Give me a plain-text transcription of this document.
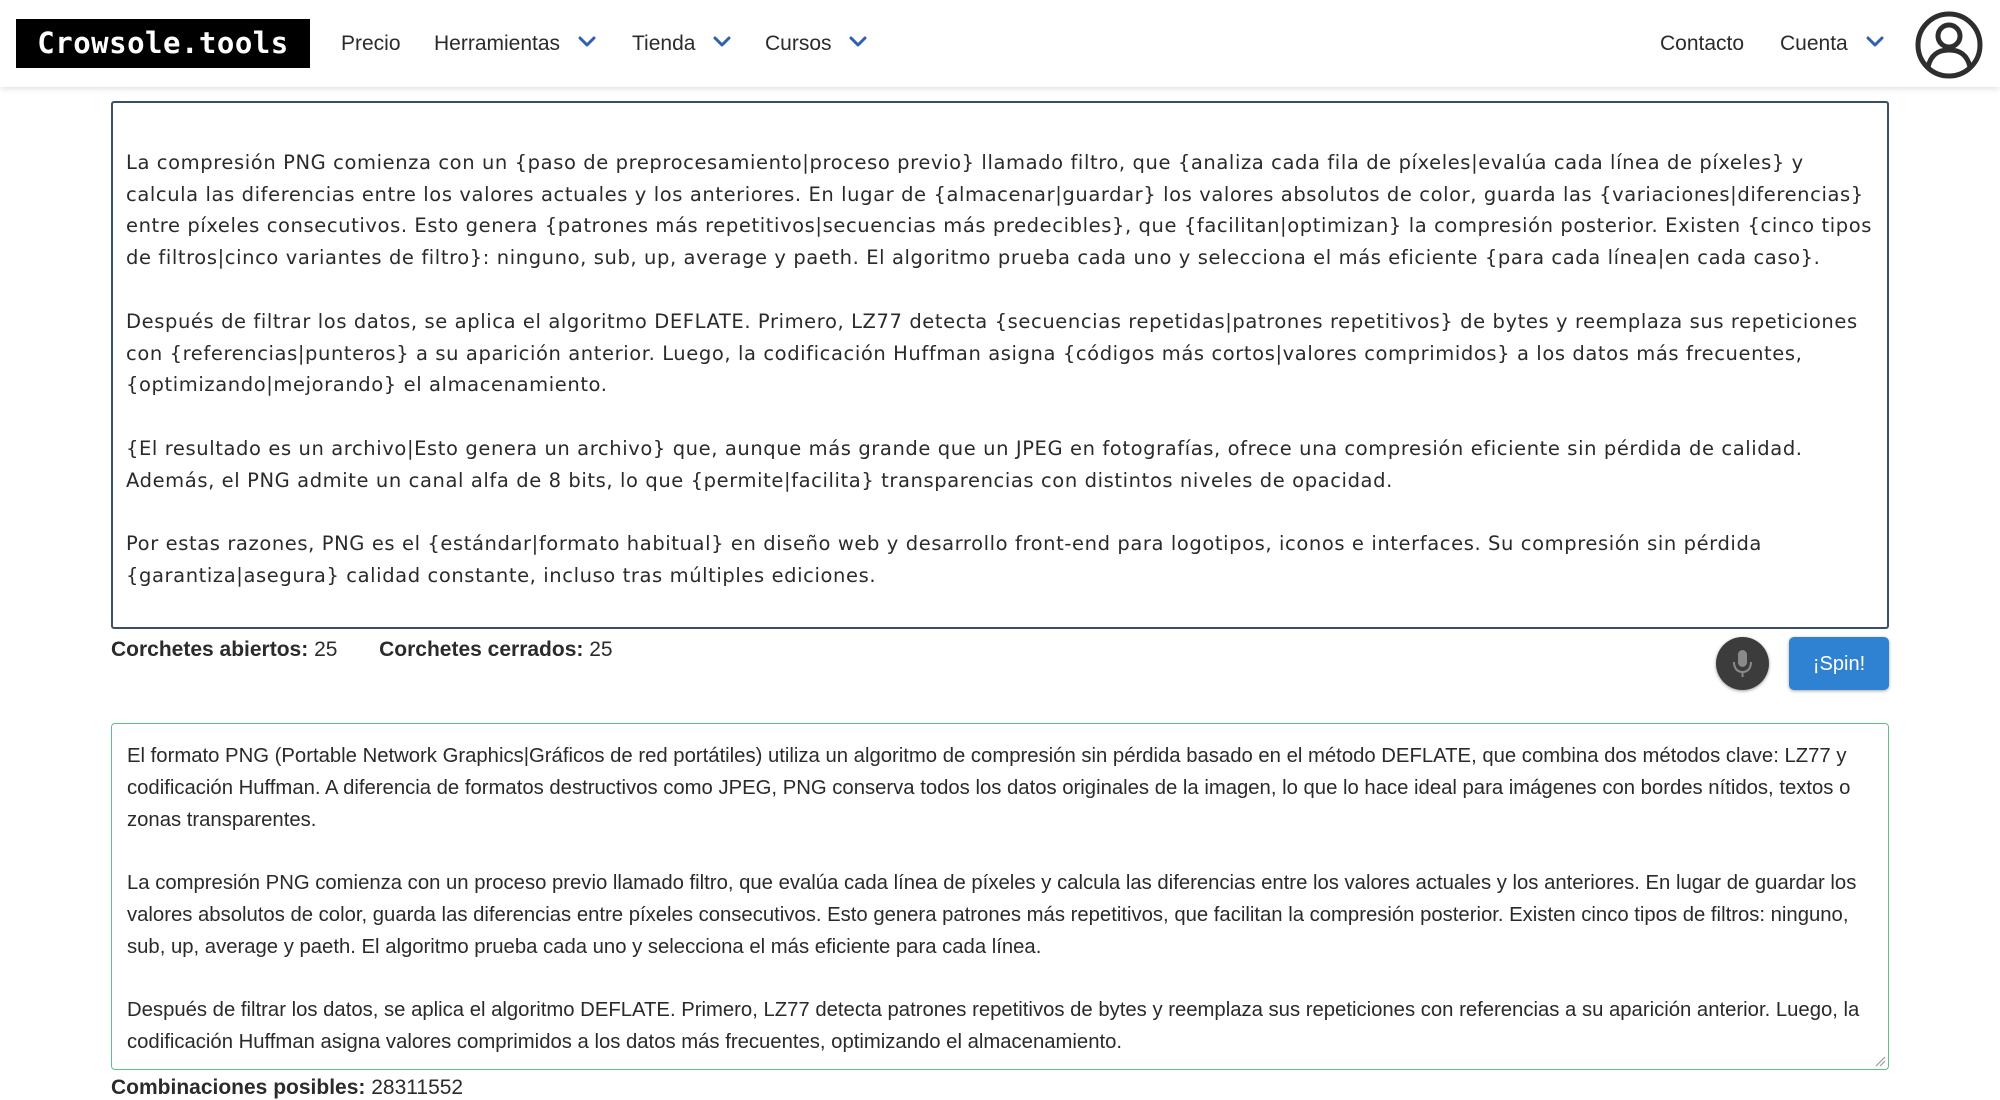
Crowsole.tools	Precio Herramientas	Tienda	Cursos	Contacto Cuenta

La compresión PNG comienza con un {paso de preprocesamiento|proceso previo} llamado filtro, que {analiza cada fila de píxeles|evalúa cada línea de píxeles} y calcula las diferencias entre los valores actuales y los anteriores. En lugar de {almacenar|guardar} los valores absolutos de color, guarda las {variaciones|diferencias} entre píxeles consecutivos. Esto genera {patrones más repetitivos|secuencias más predecibles}, que {facilitan|optimizan} la compresión posterior. Existen {cinco tipos de filtros|cinco variantes de filtro}: ninguno, sub, up, average y paeth. El algoritmo prueba cada uno y selecciona el más eficiente {para cada línea|en cada caso}.

Después de filtrar los datos, se aplica el algoritmo DEFLATE. Primero, LZ77 detecta {secuencias repetidas|patrones repetitivos} de bytes y reemplaza sus repeticiones con {referencias|punteros} a su aparición anterior. Luego, la codificación Huffman asigna {códigos más cortos|valores comprimidos} a los datos más frecuentes, {optimizando|mejorando} el almacenamiento.

{El resultado es un archivo|Esto genera un archivo} que, aunque más grande que un JPEG en fotografías, ofrece una compresión eficiente sin pérdida de calidad. Además, el PNG admite un canal alfa de 8 bits, lo que {permite|facilita} transparencias con distintos niveles de opacidad.

Por estas razones, PNG es el {estándar|formato habitual} en diseño web y desarrollo front-end para logotipos, iconos e interfaces. Su compresión sin pérdida {garantiza|asegura} calidad constante, incluso tras múltiples ediciones.

Corchetes abiertos: 25 Corchetes cerrados: 25
¡Spin!

El formato PNG (Portable Network Graphics|Gráficos de red portátiles) utiliza un algoritmo de compresión sin pérdida basado en el método DEFLATE, que combina dos métodos clave: LZ77 y codificación Huffman. A diferencia de formatos destructivos como JPEG, PNG conserva todos los datos originales de la imagen, lo que lo hace ideal para imágenes con bordes nítidos, textos o zonas transparentes.

La compresión PNG comienza con un proceso previo llamado filtro, que evalúa cada línea de píxeles y calcula las diferencias entre los valores actuales y los anteriores. En lugar de guardar los valores absolutos de color, guarda las diferencias entre píxeles consecutivos. Esto genera patrones más repetitivos, que facilitan la compresión posterior. Existen cinco tipos de filtros: ninguno, sub, up, average y paeth. El algoritmo prueba cada uno y selecciona el más eficiente para cada línea.

Después de filtrar los datos, se aplica el algoritmo DEFLATE. Primero, LZ77 detecta patrones repetitivos de bytes y reemplaza sus repeticiones con referencias a su aparición anterior. Luego, la codificación Huffman asigna valores comprimidos a los datos más frecuentes, optimizando el almacenamiento.

Combinaciones posibles: 28311552
